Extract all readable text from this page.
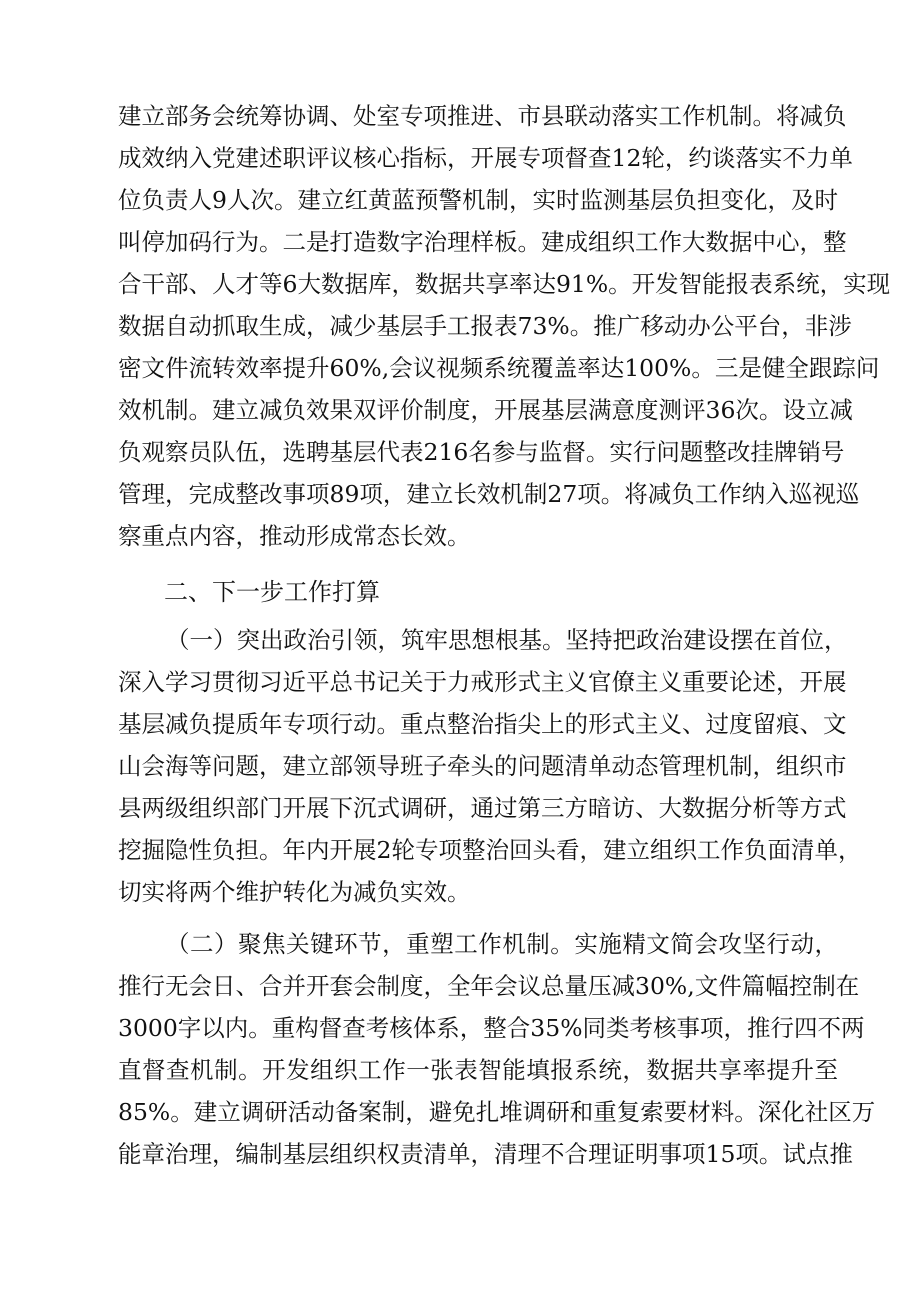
建立部务会统筹协调、处室专项推进、市县联动落实工作机制。将减负
成效纳入党建述职评议核心指标，开展专项督查12轮，约谈落实不力单
位负责人9人次。建立红黄蓝预警机制，实时监测基层负担变化，及时
叫停加码行为。二是打造数字治理样板。建成组织工作大数据中心，整
合干部、人才等6大数据库，数据共享率达91%。开发智能报表系统，实现
数据自动抓取生成，减少基层手工报表73%。推广移动办公平台，非涉
密文件流转效率提升60%,会议视频系统覆盖率达100%。三是健全跟踪问
效机制。建立减负效果双评价制度，开展基层满意度测评36次。设立减
负观察员队伍，选聘基层代表216名参与监督。实行问题整改挂牌销号
管理，完成整改事项89项，建立长效机制27项。将减负工作纳入巡视巡
察重点内容，推动形成常态长效。
二、下一步工作打算
（一）突出政治引领，筑牢思想根基。坚持把政治建设摆在首位，
深入学习贯彻习近平总书记关于力戒形式主义官僚主义重要论述，开展
基层减负提质年专项行动。重点整治指尖上的形式主义、过度留痕、文
山会海等问题，建立部领导班子牵头的问题清单动态管理机制，组织市
县两级组织部门开展下沉式调研，通过第三方暗访、大数据分析等方式
挖掘隐性负担。年内开展2轮专项整治回头看，建立组织工作负面清单，
切实将两个维护转化为减负实效。
（二）聚焦关键环节，重塑工作机制。实施精文简会攻坚行动，
推行无会日、合并开套会制度，全年会议总量压减30%,文件篇幅控制在
3000字以内。重构督查考核体系，整合35%同类考核事项，推行四不两
直督查机制。开发组织工作一张表智能填报系统，数据共享率提升至
85%。建立调研活动备案制，避免扎堆调研和重复索要材料。深化社区万
能章治理，编制基层组织权责清单，清理不合理证明事项15项。试点推
